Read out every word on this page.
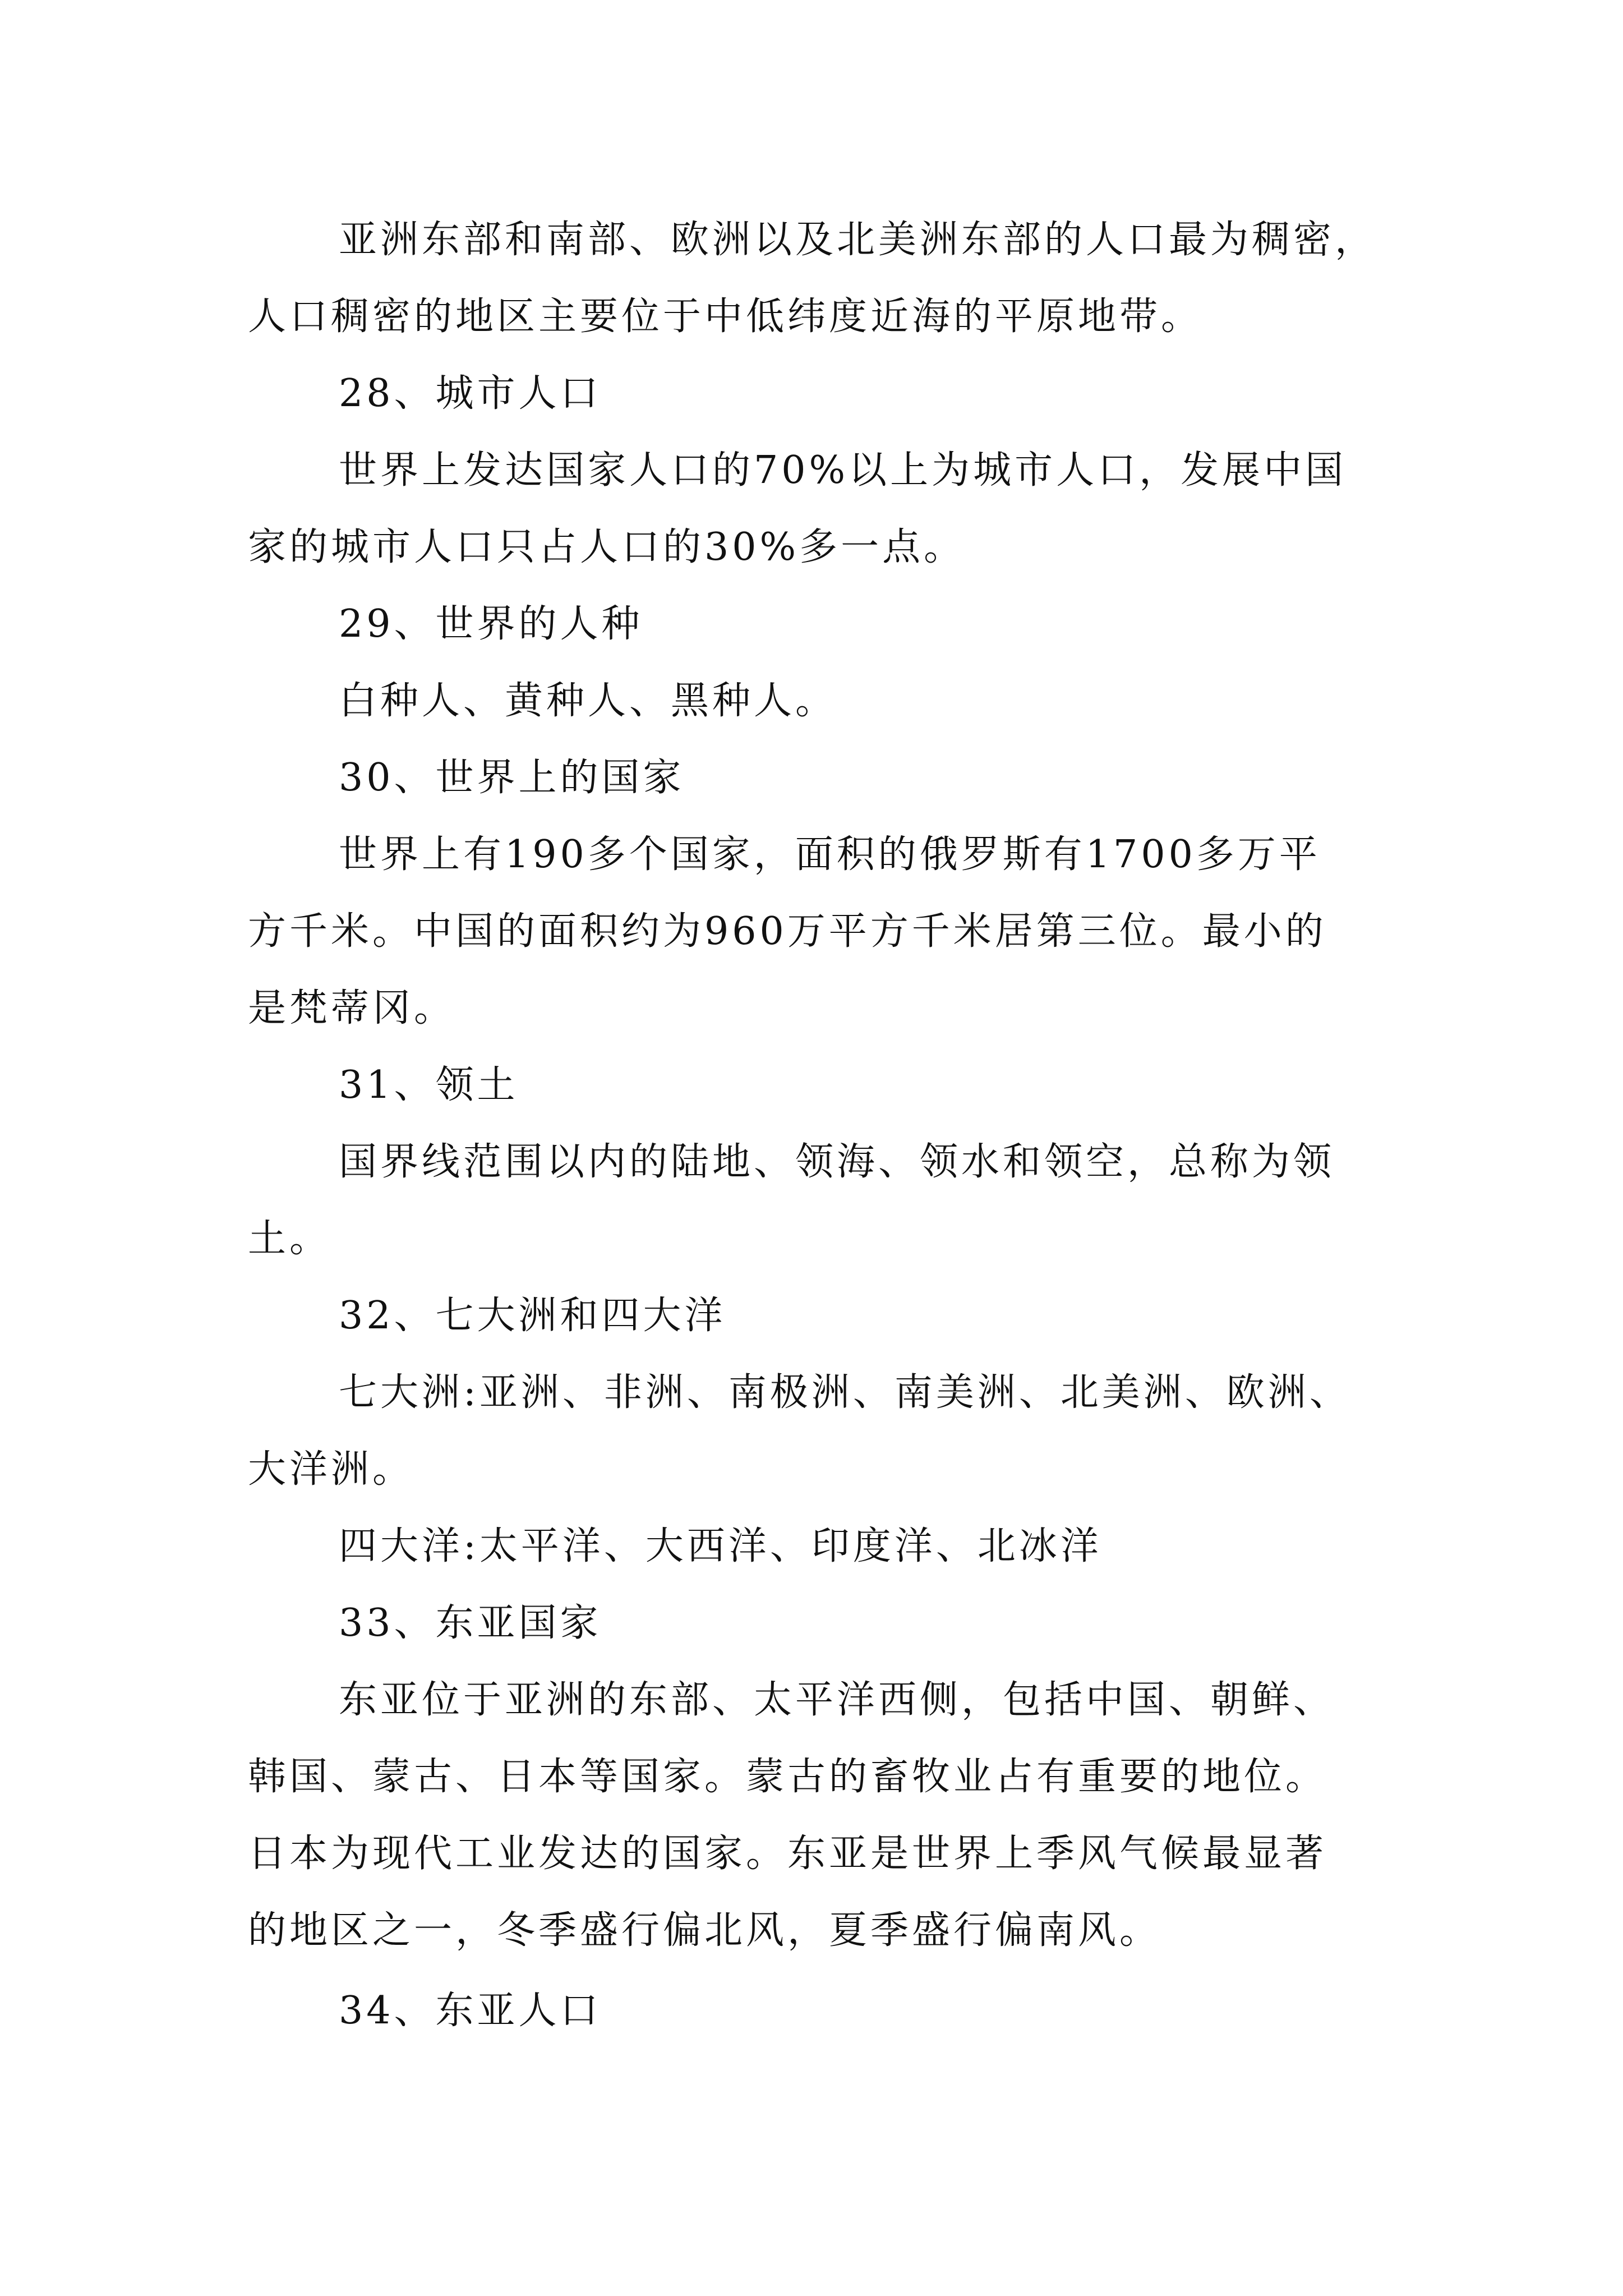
亚洲东部和南部、欧洲以及北美洲东部的人口最为稠密，
人口稠密的地区主要位于中低纬度近海的平原地带。
28、城市人口
世界上发达国家人口的70%以上为城市人口，发展中国
家的城市人口只占人口的30%多一点。
29、世界的人种
白种人、黄种人、黑种人。
30、世界上的国家
世界上有190多个国家，面积的俄罗斯有1700多万平
方千米。中国的面积约为960万平方千米居第三位。最小的
是梵蒂冈。
31、领土
国界线范围以内的陆地、领海、领水和领空，总称为领
土。
32、七大洲和四大洋
七大洲:亚洲、非洲、南极洲、南美洲、北美洲、欧洲、
大洋洲。
四大洋:太平洋、大西洋、印度洋、北冰洋
33、东亚国家
东亚位于亚洲的东部、太平洋西侧，包括中国、朝鲜、
韩国、蒙古、日本等国家。蒙古的畜牧业占有重要的地位。
日本为现代工业发达的国家。东亚是世界上季风气候最显著
的地区之一，冬季盛行偏北风，夏季盛行偏南风。
34、东亚人口
